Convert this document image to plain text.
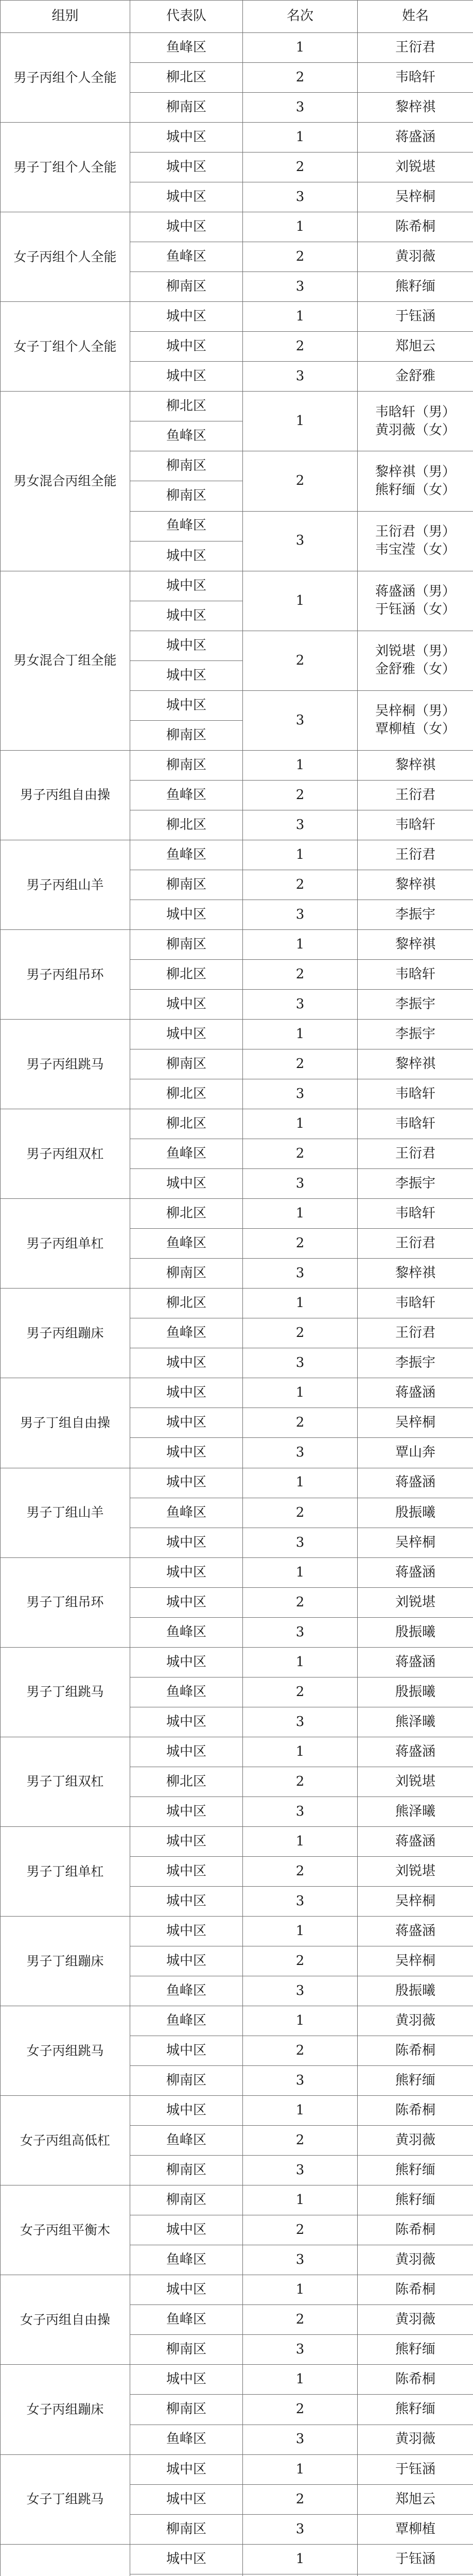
组别	代表队	名次	姓名
男子丙组个人全能	鱼峰区	1	王衍君

	柳北区	2	韦晗轩

	柳南区	3	黎梓祺

男子丁组个人全能	城中区	1	蒋盛涵

	城中区	2	刘锐堪

	城中区	3	吴梓桐

女子丙组个人全能	城中区	1	陈希桐

	鱼峰区	2	黄羽薇

	柳南区	3	熊籽缅

女子丁组个人全能	城中区	1	于钰涵

	城中区	2	郑旭云

	城中区	3	金舒雅

男女混合丙组全能	柳北区	1	韦晗轩（男）
黄羽薇（女）

	鱼峰区		
	柳南区	2	黎梓祺（男）
熊籽缅（女）

	柳南区		
	鱼峰区	3	王衍君（男）
韦宝滢（女）

	城中区		
男女混合丁组全能	城中区	1	蒋盛涵（男）
于钰涵（女）

	城中区		
	城中区	2	刘锐堪（男）
金舒雅（女）

	城中区		
	城中区	3	吴梓桐（男）
覃柳植（女）

	柳南区		
男子丙组自由操	柳南区	1	黎梓祺

	鱼峰区	2	王衍君

	柳北区	3	韦晗轩

男子丙组山羊	鱼峰区	1	王衍君

	柳南区	2	黎梓祺

	城中区	3	李振宇

男子丙组吊环	柳南区	1	黎梓祺

	柳北区	2	韦晗轩

	城中区	3	李振宇

男子丙组跳马	城中区	1	李振宇

	柳南区	2	黎梓祺

	柳北区	3	韦晗轩

男子丙组双杠	柳北区	1	韦晗轩

	鱼峰区	2	王衍君

	城中区	3	李振宇

男子丙组单杠	柳北区	1	韦晗轩

	鱼峰区	2	王衍君

	柳南区	3	黎梓祺

男子丙组蹦床	柳北区	1	韦晗轩

	鱼峰区	2	王衍君

	城中区	3	李振宇

男子丁组自由操	城中区	1	蒋盛涵

	城中区	2	吴梓桐

	城中区	3	覃山奔

男子丁组山羊	城中区	1	蒋盛涵

	鱼峰区	2	殷振曦

	城中区	3	吴梓桐

男子丁组吊环	城中区	1	蒋盛涵

	城中区	2	刘锐堪

	鱼峰区	3	殷振曦

男子丁组跳马	城中区	1	蒋盛涵

	鱼峰区	2	殷振曦

	城中区	3	熊泽曦

男子丁组双杠	城中区	1	蒋盛涵

	柳北区	2	刘锐堪

	城中区	3	熊泽曦

男子丁组单杠	城中区	1	蒋盛涵

	城中区	2	刘锐堪

	城中区	3	吴梓桐

男子丁组蹦床	城中区	1	蒋盛涵

	城中区	2	吴梓桐

	鱼峰区	3	殷振曦

女子丙组跳马	鱼峰区	1	黄羽薇

	城中区	2	陈希桐

	柳南区	3	熊籽缅

女子丙组高低杠	城中区	1	陈希桐

	鱼峰区	2	黄羽薇

	柳南区	3	熊籽缅

女子丙组平衡木	柳南区	1	熊籽缅

	城中区	2	陈希桐

	鱼峰区	3	黄羽薇

女子丙组自由操	城中区	1	陈希桐

	鱼峰区	2	黄羽薇

	柳南区	3	熊籽缅

女子丙组蹦床	城中区	1	陈希桐

	柳南区	2	熊籽缅

	鱼峰区	3	黄羽薇

女子丁组跳马	城中区	1	于钰涵

	城中区	2	郑旭云

	柳南区	3	覃柳植

	城中区	1	于钰涵
